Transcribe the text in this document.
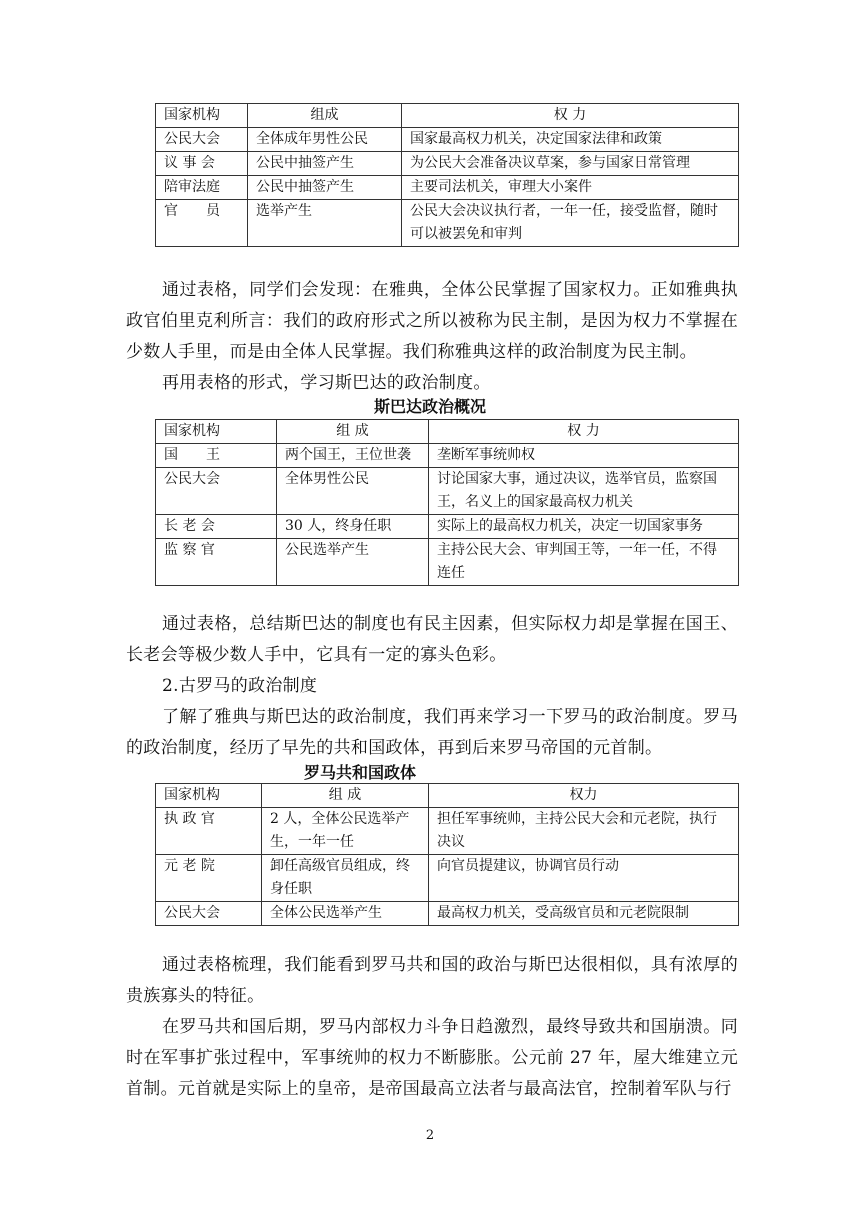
国家机构	组成	权 力
公民大会	全体成年男性公民	国家最高权力机关，决定国家法律和政策
议 事 会	公民中抽签产生	为公民大会准备决议草案，参与国家日常管理
陪审法庭	公民中抽签产生	主要司法机关，审理大小案件
官　　员	选举产生	公民大会决议执行者，一年一任，接受监督，随时可以被罢免和审判

通过表格，同学们会发现：在雅典，全体公民掌握了国家权力。正如雅典执政官伯里克利所言：我们的政府形式之所以被称为民主制，是因为权力不掌握在少数人手里，而是由全体人民掌握。我们称雅典这样的政治制度为民主制。

再用表格的形式，学习斯巴达的政治制度。

斯巴达政治概况

国家机构	组 成	权 力
国　　王	两个国王，王位世袭	垄断军事统帅权
公民大会	全体男性公民	讨论国家大事，通过决议，选举官员，监察国王，名义上的国家最高权力机关
长 老 会	30 人，终身任职	实际上的最高权力机关，决定一切国家事务
监 察 官	公民选举产生	主持公民大会、审判国王等，一年一任，不得连任

通过表格，总结斯巴达的制度也有民主因素，但实际权力却是掌握在国王、长老会等极少数人手中，它具有一定的寡头色彩。

2.古罗马的政治制度

了解了雅典与斯巴达的政治制度，我们再来学习一下罗马的政治制度。罗马的政治制度，经历了早先的共和国政体，再到后来罗马帝国的元首制。

罗马共和国政体

国家机构	组 成	权力
执 政 官	2 人，全体公民选举产生，一年一任	担任军事统帅，主持公民大会和元老院，执行决议
元 老 院	卸任高级官员组成，终身任职	向官员提建议，协调官员行动
公民大会	全体公民选举产生	最高权力机关，受高级官员和元老院限制

通过表格梳理，我们能看到罗马共和国的政治与斯巴达很相似，具有浓厚的贵族寡头的特征。

在罗马共和国后期，罗马内部权力斗争日趋激烈，最终导致共和国崩溃。同时在军事扩张过程中，军事统帅的权力不断膨胀。公元前 27 年，屋大维建立元首制。元首就是实际上的皇帝，是帝国最高立法者与最高法官，控制着军队与行

2
